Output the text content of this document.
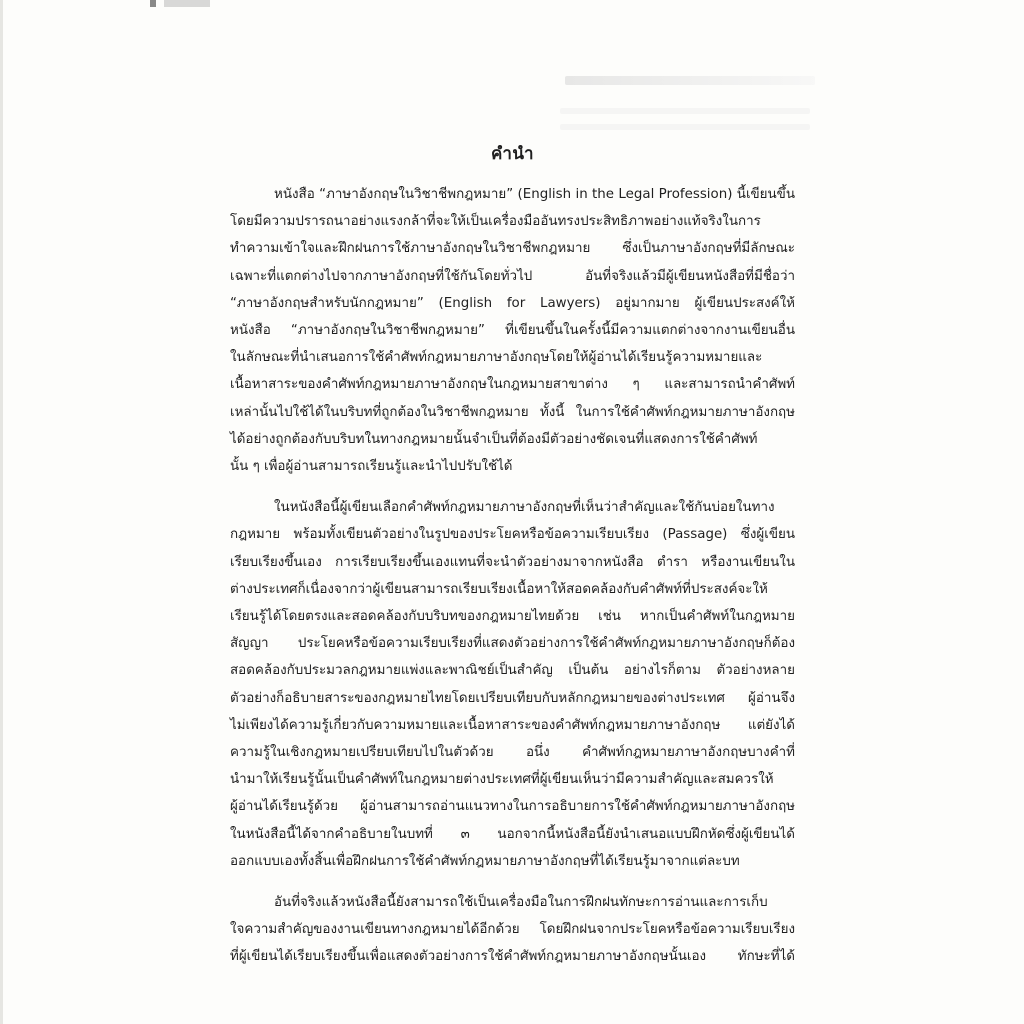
คำนำ
หนังสือ “ภาษาอังกฤษในวิชาชีพกฎหมาย” (English in the Legal Profession) นี้เขียนขึ้น
โดยมีความปรารถนาอย่างแรงกล้าที่จะให้เป็นเครื่องมืออันทรงประสิทธิภาพอย่างแท้จริงในการ
ทำความเข้าใจและฝึกฝนการใช้ภาษาอังกฤษในวิชาชีพกฎหมาย ซึ่งเป็นภาษาอังกฤษที่มีลักษณะ
เฉพาะที่แตกต่างไปจากภาษาอังกฤษที่ใช้กันโดยทั่วไป อันที่จริงแล้วมีผู้เขียนหนังสือที่มีชื่อว่า
“ภาษาอังกฤษสำหรับนักกฎหมาย” (English for Lawyers) อยู่มากมาย ผู้เขียนประสงค์ให้
หนังสือ “ภาษาอังกฤษในวิชาชีพกฎหมาย” ที่เขียนขึ้นในครั้งนี้มีความแตกต่างจากงานเขียนอื่น
ในลักษณะที่นำเสนอการใช้คำศัพท์กฎหมายภาษาอังกฤษโดยให้ผู้อ่านได้เรียนรู้ความหมายและ
เนื้อหาสาระของคำศัพท์กฎหมายภาษาอังกฤษในกฎหมายสาขาต่าง ๆ และสามารถนำคำศัพท์
เหล่านั้นไปใช้ได้ในบริบทที่ถูกต้องในวิชาชีพกฎหมาย ทั้งนี้ ในการใช้คำศัพท์กฎหมายภาษาอังกฤษ
ได้อย่างถูกต้องกับบริบทในทางกฎหมายนั้นจำเป็นที่ต้องมีตัวอย่างชัดเจนที่แสดงการใช้คำศัพท์
นั้น ๆ เพื่อผู้อ่านสามารถเรียนรู้และนำไปปรับใช้ได้
ในหนังสือนี้ผู้เขียนเลือกคำศัพท์กฎหมายภาษาอังกฤษที่เห็นว่าสำคัญและใช้กันบ่อยในทาง
กฎหมาย พร้อมทั้งเขียนตัวอย่างในรูปของประโยคหรือข้อความเรียบเรียง (Passage) ซึ่งผู้เขียน
เรียบเรียงขึ้นเอง การเรียบเรียงขึ้นเองแทนที่จะนำตัวอย่างมาจากหนังสือ ตำรา หรืองานเขียนใน
ต่างประเทศก็เนื่องจากว่าผู้เขียนสามารถเรียบเรียงเนื้อหาให้สอดคล้องกับคำศัพท์ที่ประสงค์จะให้
เรียนรู้ได้โดยตรงและสอดคล้องกับบริบทของกฎหมายไทยด้วย เช่น หากเป็นคำศัพท์ในกฎหมาย
สัญญา ประโยคหรือข้อความเรียบเรียงที่แสดงตัวอย่างการใช้คำศัพท์กฎหมายภาษาอังกฤษก็ต้อง
สอดคล้องกับประมวลกฎหมายแพ่งและพาณิชย์เป็นสำคัญ เป็นต้น อย่างไรก็ตาม ตัวอย่างหลาย
ตัวอย่างก็อธิบายสาระของกฎหมายไทยโดยเปรียบเทียบกับหลักกฎหมายของต่างประเทศ ผู้อ่านจึง
ไม่เพียงได้ความรู้เกี่ยวกับความหมายและเนื้อหาสาระของคำศัพท์กฎหมายภาษาอังกฤษ แต่ยังได้
ความรู้ในเชิงกฎหมายเปรียบเทียบไปในตัวด้วย อนึ่ง คำศัพท์กฎหมายภาษาอังกฤษบางคำที่
นำมาให้เรียนรู้นั้นเป็นคำศัพท์ในกฎหมายต่างประเทศที่ผู้เขียนเห็นว่ามีความสำคัญและสมควรให้
ผู้อ่านได้เรียนรู้ด้วย ผู้อ่านสามารถอ่านแนวทางในการอธิบายการใช้คำศัพท์กฎหมายภาษาอังกฤษ
ในหนังสือนี้ได้จากคำอธิบายในบทที่ ๓ นอกจากนี้หนังสือนี้ยังนำเสนอแบบฝึกหัดซึ่งผู้เขียนได้
ออกแบบเองทั้งสิ้นเพื่อฝึกฝนการใช้คำศัพท์กฎหมายภาษาอังกฤษที่ได้เรียนรู้มาจากแต่ละบท
อันที่จริงแล้วหนังสือนี้ยังสามารถใช้เป็นเครื่องมือในการฝึกฝนทักษะการอ่านและการเก็บ
ใจความสำคัญของงานเขียนทางกฎหมายได้อีกด้วย โดยฝึกฝนจากประโยคหรือข้อความเรียบเรียง
ที่ผู้เขียนได้เรียบเรียงขึ้นเพื่อแสดงตัวอย่างการใช้คำศัพท์กฎหมายภาษาอังกฤษนั้นเอง ทักษะที่ได้
